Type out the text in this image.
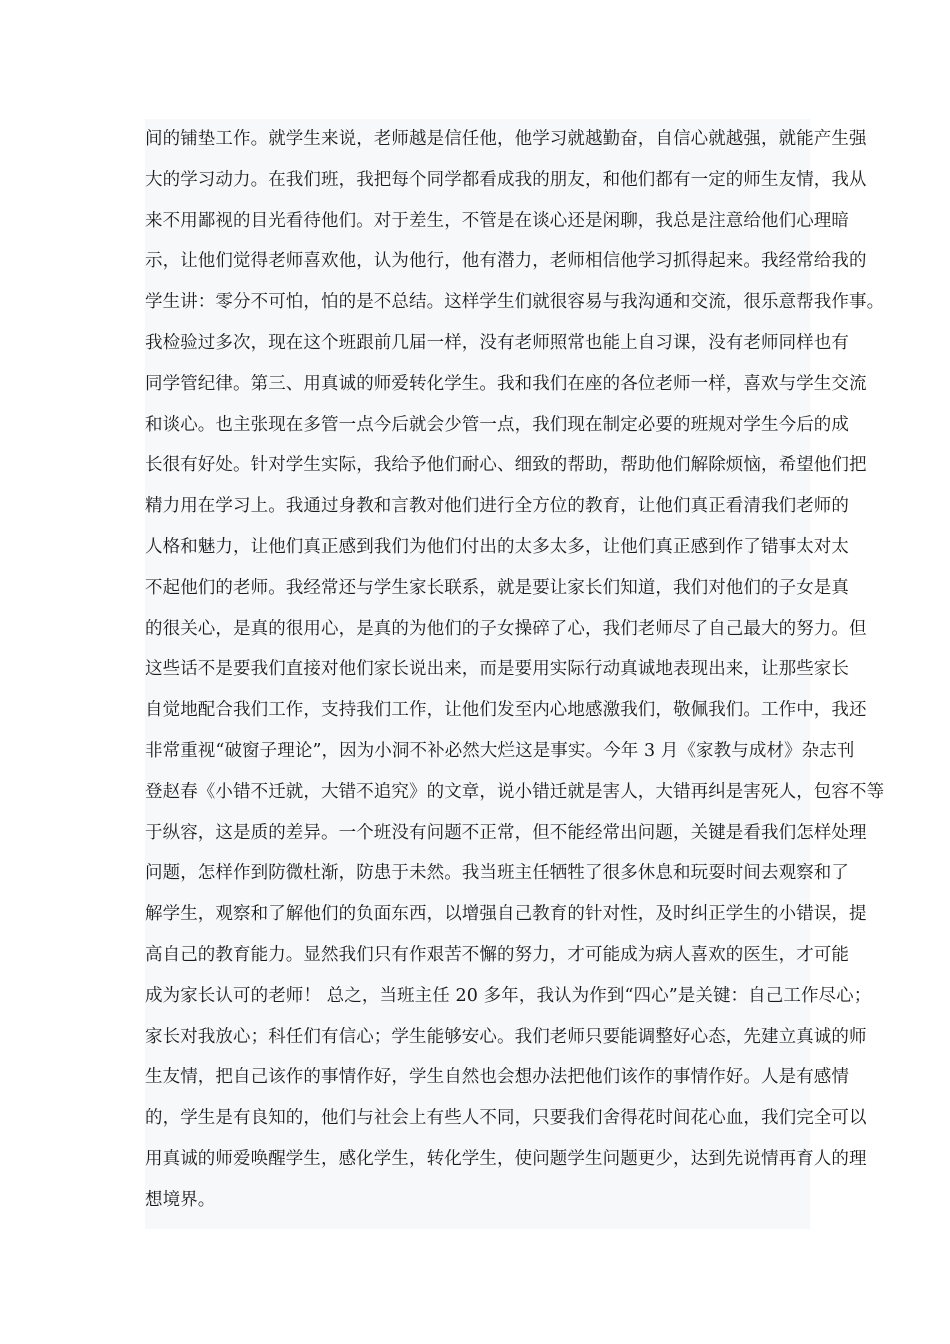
间的铺垫工作。就学生来说，老师越是信任他，他学习就越勤奋，自信心就越强，就能产生强
大的学习动力。在我们班，我把每个同学都看成我的朋友，和他们都有一定的师生友情，我从
来不用鄙视的目光看待他们。对于差生，不管是在谈心还是闲聊，我总是注意给他们心理暗
示，让他们觉得老师喜欢他，认为他行，他有潜力，老师相信他学习抓得起来。我经常给我的
学生讲：零分不可怕，怕的是不总结。这样学生们就很容易与我沟通和交流，很乐意帮我作事。
我检验过多次，现在这个班跟前几届一样，没有老师照常也能上自习课，没有老师同样也有
同学管纪律。第三、用真诚的师爱转化学生。我和我们在座的各位老师一样，喜欢与学生交流
和谈心。也主张现在多管一点今后就会少管一点，我们现在制定必要的班规对学生今后的成
长很有好处。针对学生实际，我给予他们耐心、细致的帮助，帮助他们解除烦恼，希望他们把
精力用在学习上。我通过身教和言教对他们进行全方位的教育，让他们真正看清我们老师的
人格和魅力，让他们真正感到我们为他们付出的太多太多，让他们真正感到作了错事太对太
不起他们的老师。我经常还与学生家长联系，就是要让家长们知道，我们对他们的子女是真
的很关心，是真的很用心，是真的为他们的子女操碎了心，我们老师尽了自己最大的努力。但
这些话不是要我们直接对他们家长说出来，而是要用实际行动真诚地表现出来，让那些家长
自觉地配合我们工作，支持我们工作，让他们发至内心地感激我们，敬佩我们。工作中，我还
非常重视“破窗子理论”，因为小洞不补必然大烂这是事实。今年 3 月《家教与成材》杂志刊
登赵春《小错不迁就，大错不追究》的文章，说小错迁就是害人，大错再纠是害死人，包容不等
于纵容，这是质的差异。一个班没有问题不正常，但不能经常出问题，关键是看我们怎样处理
问题，怎样作到防微杜渐，防患于未然。我当班主任牺牲了很多休息和玩耍时间去观察和了
解学生，观察和了解他们的负面东西，以增强自己教育的针对性，及时纠正学生的小错误，提
高自己的教育能力。显然我们只有作艰苦不懈的努力，才可能成为病人喜欢的医生，才可能
成为家长认可的老师！ 总之，当班主任 20 多年，我认为作到“四心”是关键：自己工作尽心；
家长对我放心；科任们有信心；学生能够安心。我们老师只要能调整好心态，先建立真诚的师
生友情，把自己该作的事情作好，学生自然也会想办法把他们该作的事情作好。人是有感情
的，学生是有良知的，他们与社会上有些人不同，只要我们舍得花时间花心血，我们完全可以
用真诚的师爱唤醒学生，感化学生，转化学生，使问题学生问题更少，达到先说情再育人的理
想境界。
